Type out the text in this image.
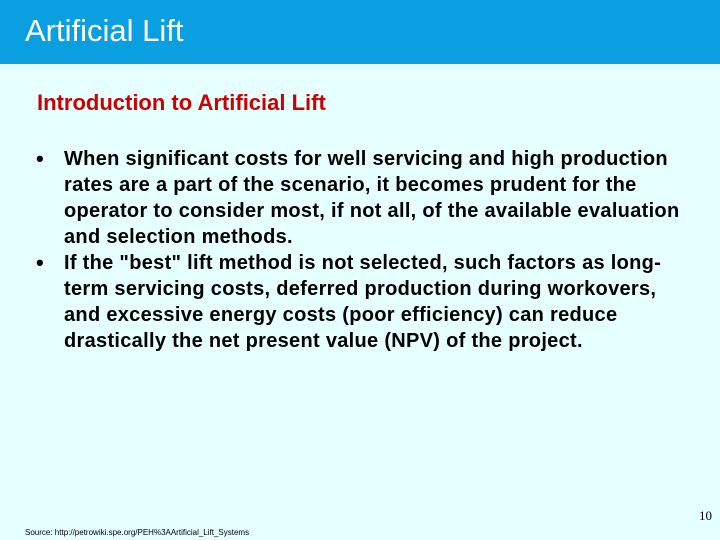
Artificial Lift
Introduction to Artificial Lift
• When significant costs for well servicing and high production rates are a part of the scenario, it becomes prudent for the operator to consider most, if not all, of the available evaluation and selection methods.
• If the "best" lift method is not selected, such factors as long-term servicing costs, deferred production during workovers, and excessive energy costs (poor efficiency) can reduce drastically the net present value (NPV) of the project.
10
Source: http://petrowiki.spe.org/PEH%3AArtificial_Lift_Systems
